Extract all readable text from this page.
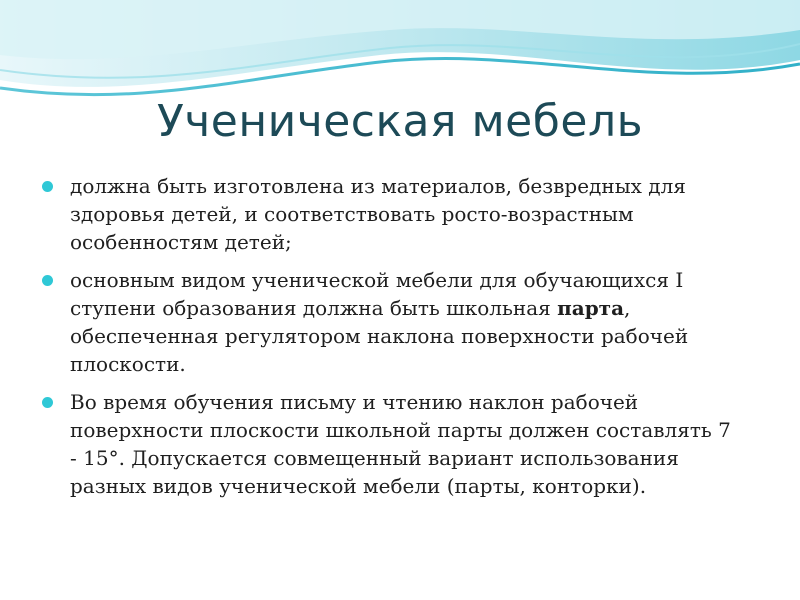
Ученическая мебель
должна быть изготовлена из материалов, безвредных для здоровья детей, и соответствовать росто-возрастным особенностям детей;
основным видом ученической мебели для обучающихся I ступени образования должна быть школьная парта, обеспеченная регулятором наклона поверхности рабочей плоскости.
Во время обучения письму и чтению наклон рабочей поверхности плоскости школьной парты должен составлять 7 - 15°. Допускается совмещенный вариант использования разных видов ученической мебели (парты, конторки).
